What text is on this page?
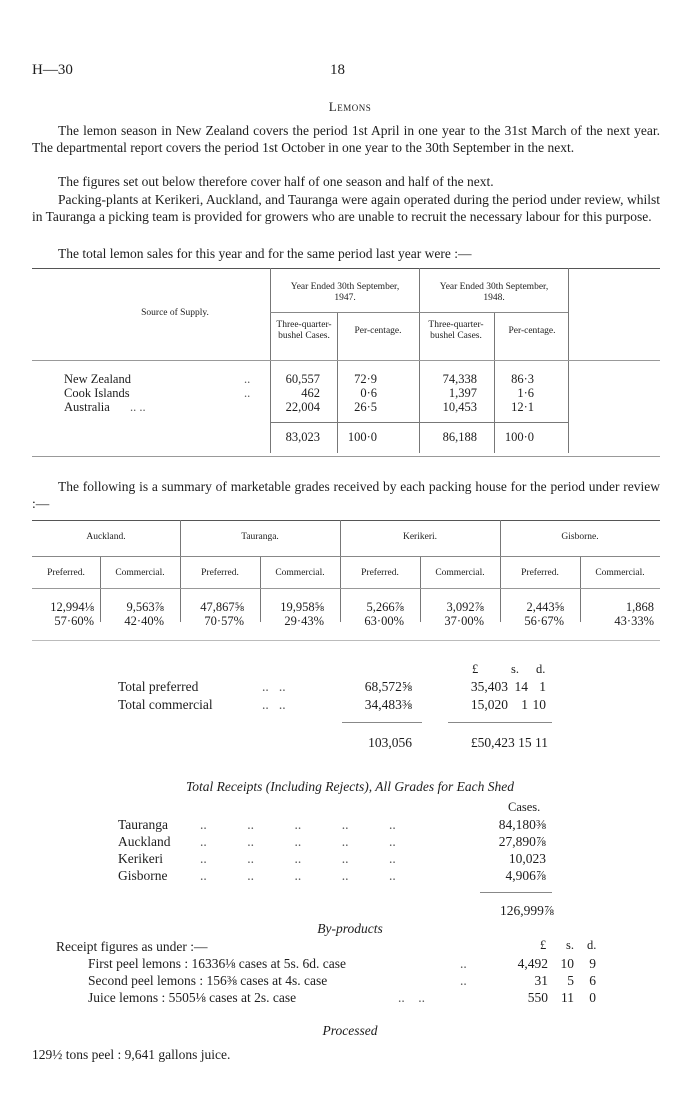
H—30	18
Lemons
The lemon season in New Zealand covers the period 1st April in one year to the 31st March of the next year. The departmental report covers the period 1st October in one year to the 30th September in the next.
The figures set out below therefore cover half of one season and half of the next.
Packing-plants at Kerikeri, Auckland, and Tauranga were again operated during the period under review, whilst in Tauranga a picking team is provided for growers who are unable to recruit the necessary labour for this purpose.
The total lemon sales for this year and for the same period last year were :—
Source of Supply.
Year Ended 30th September, 1947.
Year Ended 30th September, 1948.
Three-quarter-bushel Cases.	Per-centage.
Three-quarter-bushel Cases.	Per-centage.
New Zealand	..	60,557	72·9	74,338	86·3
Cook Islands	..	462	0·6	1,397	1·6
Australia .. ..	22,004	26·5	10,453	12·1
83,023	100·0	86,188	100·0
The following is a summary of marketable grades received by each packing house for the period under review :—
Auckland.	Tauranga.	Kerikeri.	Gisborne.
Preferred.	Commercial.	Preferred.	Commercial.	Preferred.	Commercial.	Preferred.	Commercial.
12,994⅛	9,563⅞	47,867⅝	19,958⅝	5,266⅞	3,092⅞	2,443⅝	1,868
57·60%	42·40%	70·57%	29·43%	63·00%	37·00%	56·67%	43·33%
£	s. d.
Total preferred	..   ..	68,572⅝	35,403 14 1
Total commercial	..   ..	34,483⅜	15,020 1 10
103,056	£50,423 15 11
Total Receipts (Including Rejects), All Grades for Each Shed
Cases.
Tauranga ..            ..            ..            ..            ..	84,180⅜
Auckland ..            ..            ..            ..            ..	27,890⅞
Kerikeri	..            ..            ..            ..            ..	10,023
Gisborne ..            ..            ..            ..            ..	4,906⅞
126,999⅞
By-products
Receipt figures as under :—	£ s. d.
First peel lemons : 16336⅛ cases at 5s. 6d. case	..	4,492 10	9
Second peel lemons : 156⅜ cases at 4s. case	..	31	5	6
Juice lemons : 5505⅛ cases at 2s. case	..    ..	550 11	0
Processed
129½ tons peel : 9,641 gallons juice.
